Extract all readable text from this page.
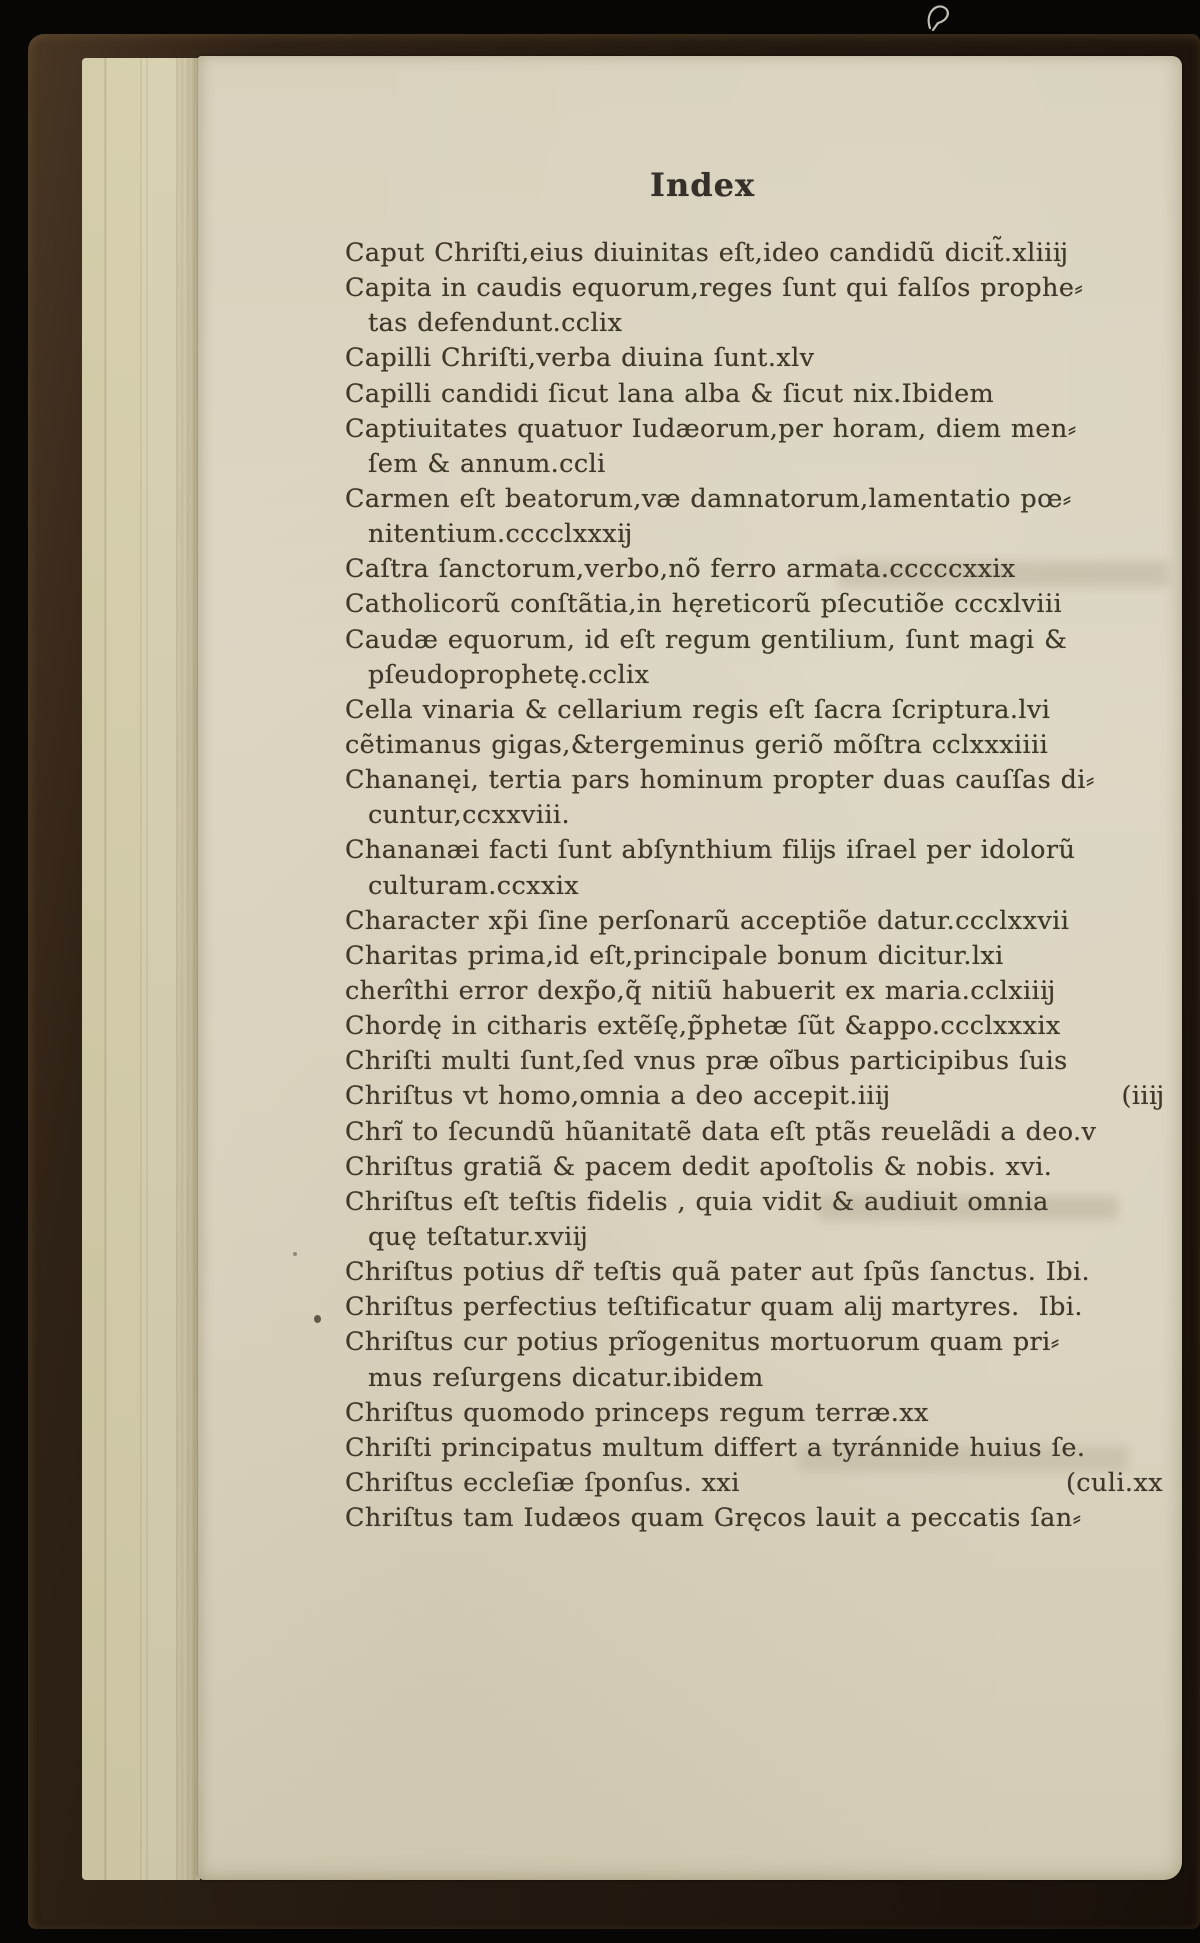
Index
Caput Chriſti,eius diuinitas eſt,ideo candidũ dicit̃.xliiĳ
Capita in caudis equorum,reges ſunt qui falſos prophe⸗
tas defendunt.cclix
Capilli Chriſti,verba diuina ſunt.xlv
Capilli candidi ſicut lana alba & ſicut nix.Ibidem
Captiuitates quatuor Iudæorum,per horam, diem men⸗
ſem & annum.ccli
Carmen eſt beatorum,væ damnatorum,lamentatio pœ⸗
nitentium.cccclxxxĳ
Caſtra ſanctorum,verbo,nõ ferro armata.cccccxxix
Catholicorũ conſtãtia,in hęreticorũ pſecutiõe cccxlviii
Caudæ equorum, id eſt regum gentilium, ſunt magi &
pſeudoprophetę.cclix
Cella vinaria & cellarium regis eſt ſacra ſcriptura.lvi
cẽtimanus gigas,&tergeminus geriõ mõſtra cclxxxiiii
Chananęi, tertia pars hominum propter duas cauſſas di⸗
cuntur,ccxxviii.
Chananæi facti ſunt abſynthium filĳs iſrael per idolorũ
culturam.ccxxix
Character xp̃i ſine perſonarũ acceptiõe datur.ccclxxvii
Charitas prima,id eſt,principale bonum dicitur.lxi
cherîthi error dexp̃o,q̃ nitiũ habuerit ex maria.cclxiiĳ
Chordę in citharis extẽſę,p̃phetæ ſũt &appo.ccclxxxix
Chriſti multi ſunt,ſed vnus præ oĩbus participibus ſuis
Chriſtus vt homo,omnia a deo accepit.iiĳ	(iiĳ
Chrĩ to ſecundũ hũanitatẽ data eſt ptãs reuelãdi a deo.v
Chriſtus gratiã & pacem dedit apoſtolis & nobis. xvi.
Chriſtus eſt teſtis fidelis , quia vidit & audiuit omnia
quę teſtatur.xviĳ
Chriſtus potius dr̃ teſtis quã pater aut ſpũs ſanctus. Ibi.
Chriſtus perfectius teſtificatur quam alĳ martyres.  Ibi.
Chriſtus cur potius prĩogenitus mortuorum quam pri⸗
mus reſurgens dicatur.ibidem
Chriſtus quomodo princeps regum terræ.xx
Chriſti principatus multum differt a tyránnide huius ſe.
Chriſtus eccleſiæ ſponſus. xxi	(culi.xx
Chriſtus tam Iudæos quam Gręcos lauit a peccatis ſan⸗
